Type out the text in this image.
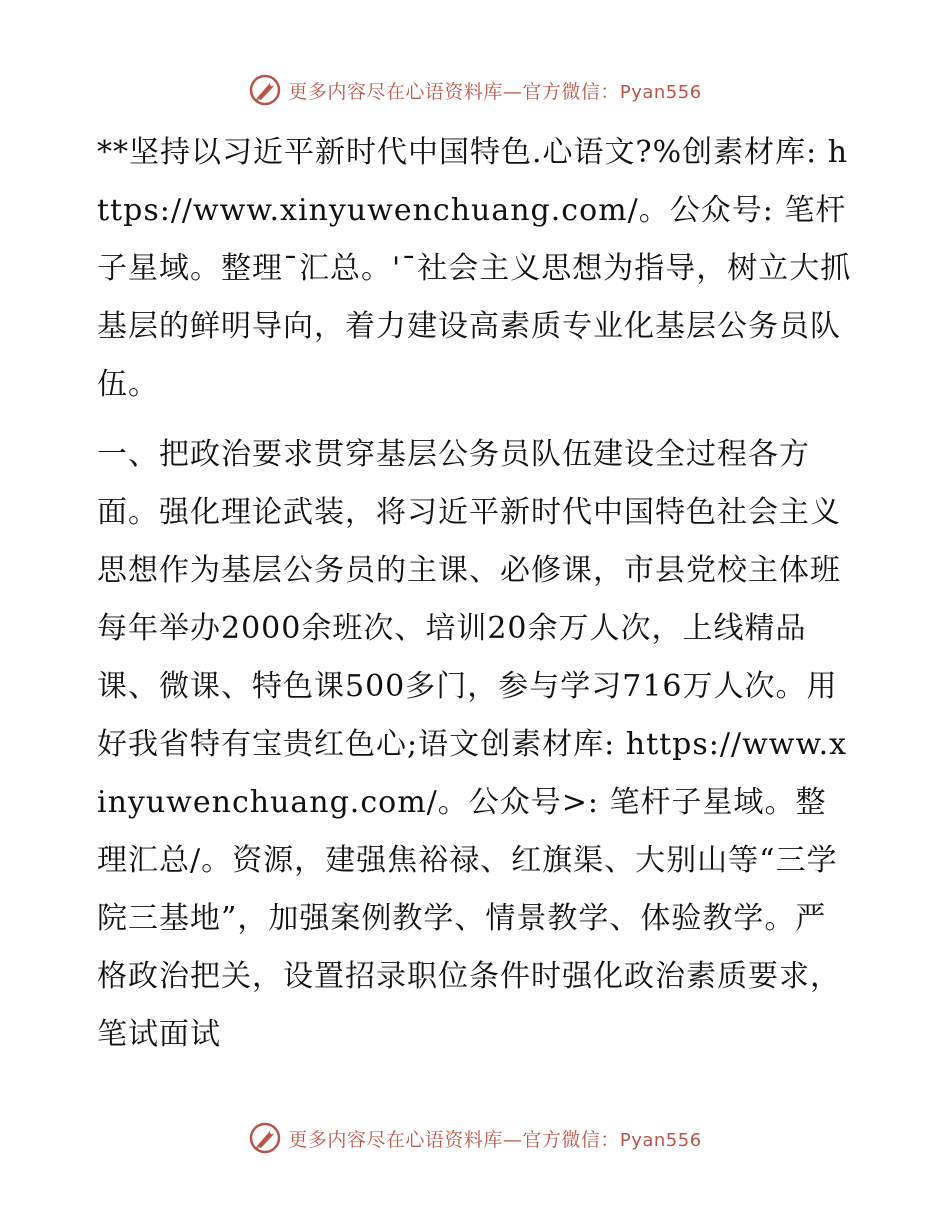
更多内容尽在心语资料库—官方微信：Pyan556

**坚持以习近平新时代中国特色.心语文?%创素材库: https://www.xinyuwenchuang.com/。公众号: 笔杆子星域。整理¯汇总。'¯社会主义思想为指导，树立大抓基层的鲜明导向，着力建设高素质专业化基层公务员队伍。

一、把政治要求贯穿基层公务员队伍建设全过程各方面。强化理论武装，将习近平新时代中国特色社会主义思想作为基层公务员的主课、必修课，市县党校主体班每年举办2000余班次、培训20余万人次，上线精品课、微课、特色课500多门，参与学习716万人次。用好我省特有宝贵红色心;语文创素材库: https://www.xinyuwenchuang.com/。公众号>: 笔杆子星域。整理汇总/。资源，建强焦裕禄、红旗渠、大别山等“三学院三基地”，加强案例教学、情景教学、体验教学。严格政治把关，设置招录职位条件时强化政治素质要求，笔试面试

更多内容尽在心语资料库—官方微信：Pyan556
